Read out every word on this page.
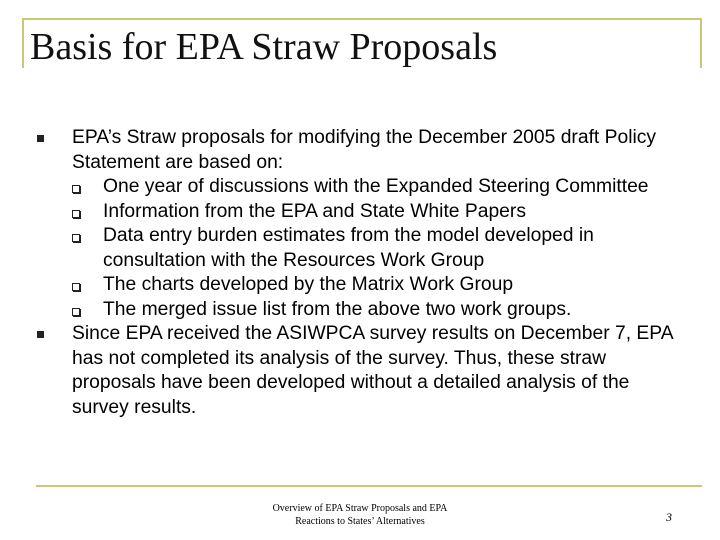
Basis for EPA Straw Proposals
EPA’s Straw proposals for modifying the December 2005 draft Policy Statement are based on:
One year of discussions with the Expanded Steering Committee
Information from the EPA and State White Papers
Data entry burden estimates from the model developed in consultation with the Resources Work Group
The charts developed by the Matrix Work Group
The merged issue list from the above two work groups.
Since EPA received the ASIWPCA survey results on December 7, EPA has not completed its analysis of the survey. Thus, these straw proposals have been developed without a detailed analysis of the survey results.
Overview of EPA Straw Proposals and EPA
Reactions to States’ Alternatives	3
